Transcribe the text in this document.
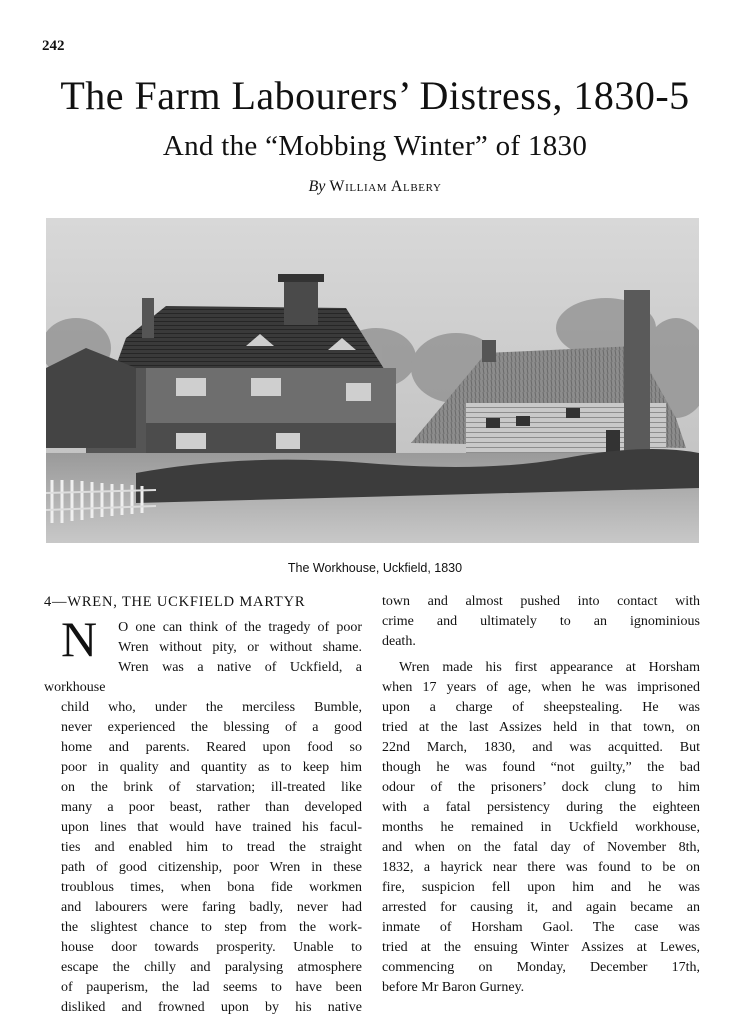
242
The Farm Labourers’ Distress, 1830-5
And the “Mobbing Winter” of 1830
By William Albery
The Workhouse, Uckfield, 1830

4—WREN, THE UCKFIELD MARTYR

N	O one can think of the tragedy of poor
Wren without pity, or without shame.
Wren was a native of Uckfield, a workhouse
child who, under the merciless Bumble,
never experienced the blessing of a good
home and parents. Reared upon food so
poor in quality and quantity as to keep him
on the brink of starvation; ill-treated like
many a poor beast, rather than developed
upon lines that would have trained his facul-
ties and enabled him to tread the straight
path of good citizenship, poor Wren in these
troublous times, when bona fide workmen
and labourers were faring badly, never had
the slightest chance to step from the work-
house door towards prosperity. Unable to
escape the chilly and paralysing atmosphere
of pauperism, the lad seems to have been
disliked and frowned upon by his native

town and almost pushed into contact with
crime and ultimately to an ignominious
death.

Wren made his first appearance at Horsham
when 17 years of age, when he was imprisoned
upon a charge of sheepstealing. He was
tried at the last Assizes held in that town, on
22nd March, 1830, and was acquitted. But
though he was found “not guilty,” the bad
odour of the prisoners’ dock clung to him
with a fatal persistency during the eighteen
months he remained in Uckfield workhouse,
and when on the fatal day of November 8th,
1832, a hayrick near there was found to be on
fire, suspicion fell upon him and he was
arrested for causing it, and again became an
inmate of Horsham Gaol. The case was
tried at the ensuing Winter Assizes at Lewes,
commencing on Monday, December 17th,
before Mr Baron Gurney.
